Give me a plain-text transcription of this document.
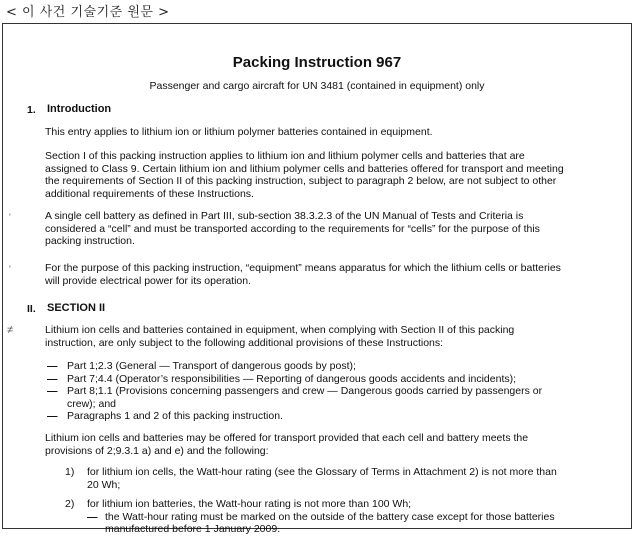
< 이 사건 기술기준 원문 >
Packing Instruction 967
Passenger and cargo aircraft for UN 3481 (contained in equipment) only
1. Introduction
This entry applies to lithium ion or lithium polymer batteries contained in equipment.
Section I of this packing instruction applies to lithium ion and lithium polymer cells and batteries that are
assigned to Class 9. Certain lithium ion and lithium polymer cells and batteries offered for transport and meeting
the requirements of Section II of this packing instruction, subject to paragraph 2 below, are not subject to other
additional requirements of these Instructions.
'	A single cell battery as defined in Part III, sub-section 38.3.2.3 of the UN Manual of Tests and Criteria is
considered a “cell” and must be transported according to the requirements for “cells” for the purpose of this
packing instruction.
'	For the purpose of this packing instruction, “equipment” means apparatus for which the lithium cells or batteries
will provide electrical power for its operation.
II. SECTION II
≠	Lithium ion cells and batteries contained in equipment, when complying with Section II of this packing
instruction, are only subject to the following additional provisions of these Instructions:
— Part 1;2.3 (General — Transport of dangerous goods by post);
— Part 7;4.4 (Operator’s responsibilities — Reporting of dangerous goods accidents and incidents);
— Part 8;1.1 (Provisions concerning passengers and crew — Dangerous goods carried by passengers or
crew); and
— Paragraphs 1 and 2 of this packing instruction.
Lithium ion cells and batteries may be offered for transport provided that each cell and battery meets the
provisions of 2;9.3.1 a) and e) and the following:
1) for lithium ion cells, the Watt-hour rating (see the Glossary of Terms in Attachment 2) is not more than
20 Wh;
2) for lithium ion batteries, the Watt-hour rating is not more than 100 Wh;
— the Watt-hour rating must be marked on the outside of the battery case except for those batteries
manufactured before 1 January 2009.
